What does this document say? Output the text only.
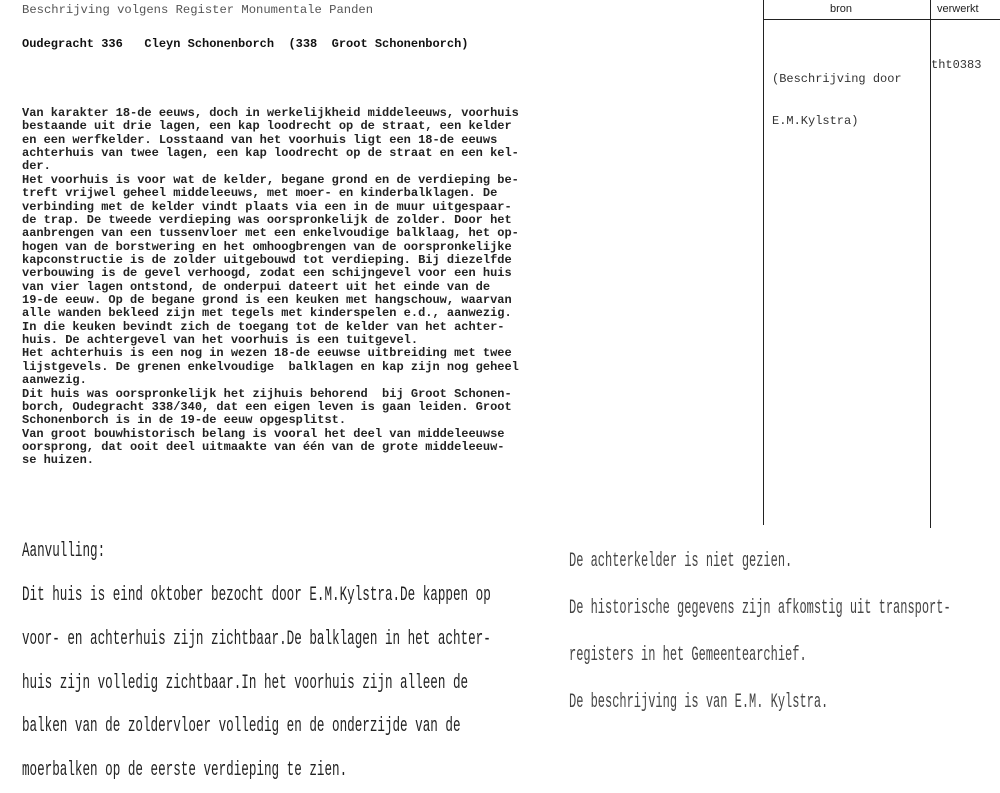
Beschrijving volgens Register Monumentale Panden
Oudegracht 336   Cleyn Schonenborch  (338  Groot Schonenborch)
bron	verwerkt

(Beschrijving door

E.M.Kylstra)

tht0383
Van karakter 18-de eeuws, doch in werkelijkheid middeleeuws, voorhuis
bestaande uit drie lagen, een kap loodrecht op de straat, een kelder
en een werfkelder. Losstaand van het voorhuis ligt een 18-de eeuws
achterhuis van twee lagen, een kap loodrecht op de straat en een kel-
der.
Het voorhuis is voor wat de kelder, begane grond en de verdieping be-
treft vrijwel geheel middeleeuws, met moer- en kinderbalklagen. De
verbinding met de kelder vindt plaats via een in de muur uitgespaar-
de trap. De tweede verdieping was oorspronkelijk de zolder. Door het
aanbrengen van een tussenvloer met een enkelvoudige balklaag, het op-
hogen van de borstwering en het omhoogbrengen van de oorspronkelijke
kapconstructie is de zolder uitgebouwd tot verdieping. Bij diezelfde
verbouwing is de gevel verhoogd, zodat een schijngevel voor een huis
van vier lagen ontstond, de onderpui dateert uit het einde van de
19-de eeuw. Op de begane grond is een keuken met hangschouw, waarvan
alle wanden bekleed zijn met tegels met kinderspelen e.d., aanwezig.
In die keuken bevindt zich de toegang tot de kelder van het achter-
huis. De achtergevel van het voorhuis is een tuitgevel.
Het achterhuis is een nog in wezen 18-de eeuwse uitbreiding met twee
lijstgevels. De grenen enkelvoudige  balklagen en kap zijn nog geheel
aanwezig.
Dit huis was oorspronkelijk het zijhuis behorend  bij Groot Schonen-
borch, Oudegracht 338/340, dat een eigen leven is gaan leiden. Groot
Schonenborch is in de 19-de eeuw opgesplitst.
Van groot bouwhistorisch belang is vooral het deel van middeleeuwse
oorsprong, dat ooit deel uitmaakte van één van de grote middeleeuw-
se huizen.

Aanvulling:

Dit huis is eind oktober bezocht door E.M.Kylstra.De kappen op

voor- en achterhuis zijn zichtbaar.De balklagen in het achter-

huis zijn volledig zichtbaar.In het voorhuis zijn alleen de

balken van de zoldervloer volledig en de onderzijde van de

moerbalken op de eerste verdieping te zien.

De achterkelder is niet gezien.

De historische gegevens zijn afkomstig uit transport-

registers in het Gemeentearchief.

De beschrijving is van E.M. Kylstra.
